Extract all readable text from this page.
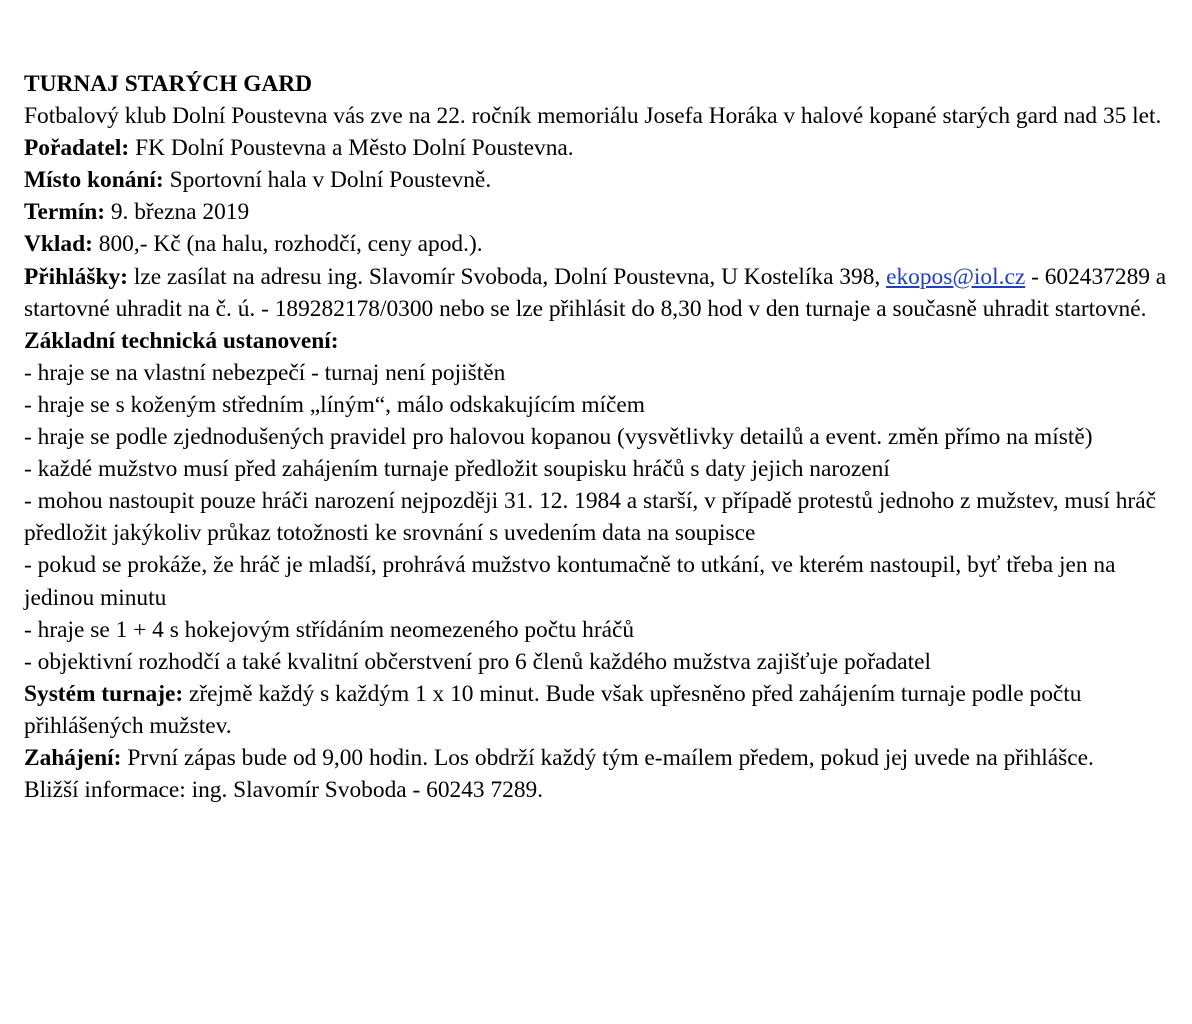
TURNAJ STARÝCH GARD

Fotbalový klub Dolní Poustevna vás zve na 22. ročník memoriálu Josefa Horáka v halové kopané starých gard nad 35 let.

Pořadatel: FK Dolní Poustevna a Město Dolní Poustevna.

Místo konání: Sportovní hala v Dolní Poustevně.

Termín: 9. března 2019

Vklad: 800,- Kč (na halu, rozhodčí, ceny apod.).

Přihlášky: lze zasílat na adresu ing. Slavomír Svoboda, Dolní Poustevna, U Kostelíka 398, ekopos@iol.cz - 602437289 a startovné uhradit na č. ú. - 189282178/0300 nebo se lze přihlásit do 8,30 hod v den turnaje a současně uhradit startovné.

Základní technická ustanovení:

- hraje se na vlastní nebezpečí - turnaj není pojištěn

- hraje se s koženým středním „líným“, málo odskakujícím míčem

- hraje se podle zjednodušených pravidel pro halovou kopanou (vysvětlivky detailů a event. změn přímo na místě)

- každé mužstvo musí před zahájením turnaje předložit soupisku hráčů s daty jejich narození

- mohou nastoupit pouze hráči narození nejpozději 31. 12. 1984 a starší, v případě protestů jednoho z mužstev, musí hráč předložit jakýkoliv průkaz totožnosti ke srovnání s uvedením data na soupisce

- pokud se prokáže, že hráč je mladší, prohrává mužstvo kontumačně to utkání, ve kterém nastoupil, byť třeba jen na jedinou minutu

- hraje se 1 + 4 s hokejovým střídáním neomezeného počtu hráčů

- objektivní rozhodčí a také kvalitní občerstvení pro 6 členů každého mužstva zajišťuje pořadatel

Systém turnaje: zřejmě každý s každým 1 x 10 minut. Bude však upřesněno před zahájením turnaje podle počtu přihlášených mužstev.

Zahájení: První zápas bude od 9,00 hodin. Los obdrží každý tým e-maílem předem, pokud jej uvede na přihlášce.

Bližší informace: ing. Slavomír Svoboda - 60243 7289.
